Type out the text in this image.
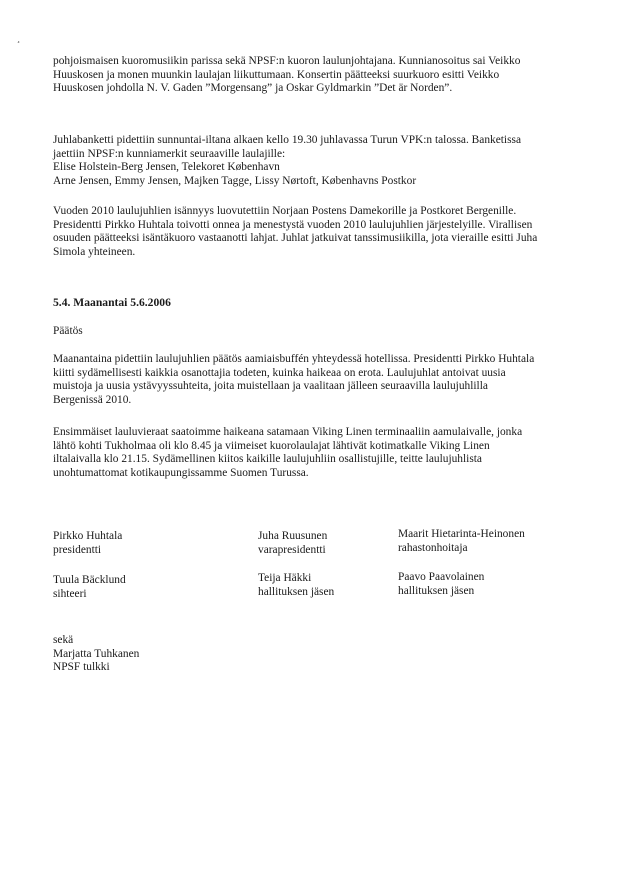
¸

pohjoismaisen kuoromusiikin parissa sekä NPSF:n kuoron laulunjohtajana. Kunnianosoitus sai Veikko
Huuskosen ja monen muunkin laulajan liikuttumaan. Konsertin päätteeksi suurkuoro esitti Veikko
Huuskosen johdolla N. V. Gaden ”Morgensang” ja Oskar Gyldmarkin ”Det är Norden”.

Juhlabanketti pidettiin sunnuntai-iltana alkaen kello 19.30 juhlavassa Turun VPK:n talossa. Banketissa
jaettiin NPSF:n kunniamerkit seuraaville laulajille:
Elise Holstein-Berg Jensen, Telekoret København
Arne Jensen, Emmy Jensen, Majken Tagge, Lissy Nørtoft, Københavns Postkor

Vuoden 2010 laulujuhlien isännyys luovutettiin Norjaan Postens Damekorille ja Postkoret Bergenille.
Presidentti Pirkko Huhtala toivotti onnea ja menestystä vuoden 2010 laulujuhlien järjestelyille. Virallisen
osuuden päätteeksi isäntäkuoro vastaanotti lahjat. Juhlat jatkuivat tanssimusiikilla, jota vieraille esitti Juha
Simola yhteineen.

5.4. Maanantai 5.6.2006

Päätös

Maanantaina pidettiin laulujuhlien päätös aamiaisbuffén yhteydessä hotellissa. Presidentti Pirkko Huhtala
kiitti sydämellisesti kaikkia osanottajia todeten, kuinka haikeaa on erota. Laulujuhlat antoivat uusia
muistoja ja uusia ystävyyssuhteita, joita muistellaan ja vaalitaan jälleen seuraavilla laulujuhlilla
Bergenissä 2010.

Ensimmäiset lauluvieraat saatoimme haikeana satamaan Viking Linen terminaaliin aamulaivalle, jonka
lähtö kohti Tukholmaa oli klo 8.45 ja viimeiset kuorolaulajat lähtivät kotimatkalle Viking Linen
iltalaivalla klo 21.15. Sydämellinen kiitos kaikille laulujuhliin osallistujille, teitte laulujuhlista
unohtumattomat kotikaupungissamme Suomen Turussa.

Pirkko Huhtala
presidentti
Juha Ruusunen
varapresidentti
Maarit Hietarinta-Heinonen
rahastonhoitaja
Tuula Bäcklund
sihteeri
Teija Häkki
hallituksen jäsen
Paavo Paavolainen
hallituksen jäsen
sekä
Marjatta Tuhkanen
NPSF tulkki
